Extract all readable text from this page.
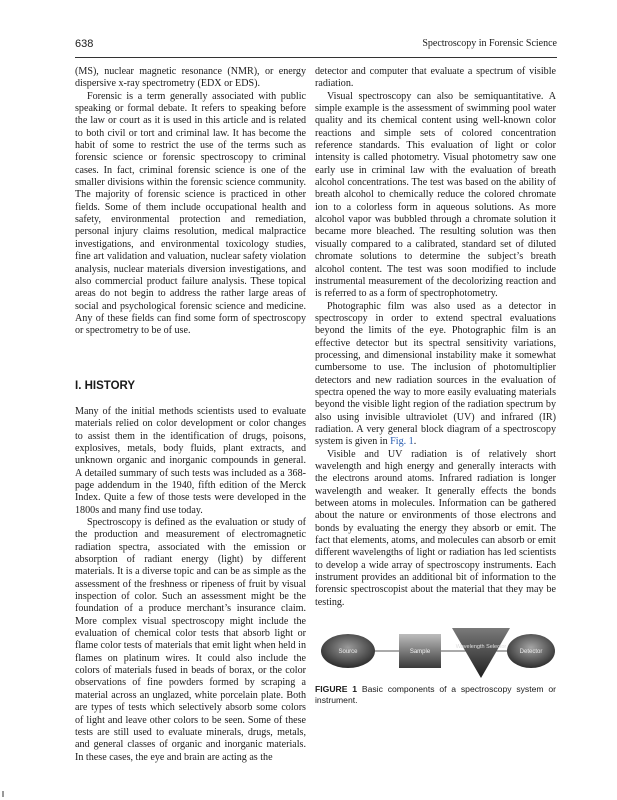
638	Spectroscopy in Forensic Science

(MS), nuclear magnetic resonance (NMR), or energy dispersive x-ray spectrometry (EDX or EDS).

Forensic is a term generally associated with public speaking or formal debate. It refers to speaking before the law or court as it is used in this article and is related to both civil or tort and criminal law. It has become the habit of some to restrict the use of the terms such as forensic science or forensic spectroscopy to criminal cases. In fact, criminal forensic science is one of the smaller divisions within the forensic science community. The majority of forensic science is practiced in other fields. Some of them include occupational health and safety, environmental protection and remediation, personal injury claims resolution, medical malpractice investigations, and environmental toxicology studies, fine art validation and valuation, nuclear safety violation analysis, nuclear materials diversion investigations, and also commercial product failure analysis. These topical areas do not begin to address the rather large areas of social and psychological forensic science and medicine. Any of these fields can find some form of spectroscopy or spectrometry to be of use.

I. HISTORY

Many of the initial methods scientists used to evaluate materials relied on color development or color changes to assist them in the identification of drugs, poisons, explosives, metals, body fluids, plant extracts, and unknown organic and inorganic compounds in general. A detailed summary of such tests was included as a 368-page addendum in the 1940, fifth edition of the Merck Index. Quite a few of those tests were developed in the 1800s and many find use today.

Spectroscopy is defined as the evaluation or study of the production and measurement of electromagnetic radiation spectra, associated with the emission or absorption of radiant energy (light) by different materials. It is a diverse topic and can be as simple as the assessment of the freshness or ripeness of fruit by visual inspection of color. Such an assessment might be the foundation of a produce merchant’s insurance claim. More complex visual spectroscopy might include the evaluation of chemical color tests that absorb light or flame color tests of materials that emit light when held in flames on platinum wires. It could also include the colors of materials fused in beads of borax, or the color observations of fine powders formed by scraping a material across an unglazed, white porcelain plate. Both are types of tests which selectively absorb some colors of light and leave other colors to be seen. Some of these tests are still used to evaluate minerals, drugs, metals, and general classes of organic and inorganic materials. In these cases, the eye and brain are acting as the

detector and computer that evaluate a spectrum of visible radiation.

Visual spectroscopy can also be semiquantitative. A simple example is the assessment of swimming pool water quality and its chemical content using well-known color reactions and simple sets of colored concentration reference standards. This evaluation of light or color intensity is called photometry. Visual photometry saw one early use in criminal law with the evaluation of breath alcohol concentrations. The test was based on the ability of breath alcohol to chemically reduce the colored chromate ion to a colorless form in aqueous solutions. As more alcohol vapor was bubbled through a chromate solution it became more bleached. The resulting solution was then visually compared to a calibrated, standard set of diluted chromate solutions to determine the subject’s breath alcohol content. The test was soon modified to include instrumental measurement of the decolorizing reaction and is referred to as a form of spectrophotometry.

Photographic film was also used as a detector in spectroscopy in order to extend spectral evaluations beyond the limits of the eye. Photographic film is an effective detector but its spectral sensitivity variations, processing, and dimensional instability make it somewhat cumbersome to use. The inclusion of photomultiplier detectors and new radiation sources in the evaluation of spectra opened the way to more easily evaluating materials beyond the visible light region of the radiation spectrum by also using invisible ultraviolet (UV) and infrared (IR) radiation. A very general block diagram of a spectroscopy system is given in Fig. 1.

Visible and UV radiation is of relatively short wavelength and high energy and generally interacts with the electrons around atoms. Infrared radiation is longer wavelength and weaker. It generally effects the bonds between atoms in molecules. Information can be gathered about the nature or environments of those electrons and bonds by evaluating the energy they absorb or emit. The fact that elements, atoms, and molecules can absorb or emit different wavelengths of light or radiation has led scientists to develop a wide array of spectroscopy instruments. Each instrument provides an additional bit of information to the forensic spectroscopist about the material that they may be testing.

Source	Sample
Wavelength Selector
Detector
FIGURE 1 Basic components of a spectroscopy system or instrument.
